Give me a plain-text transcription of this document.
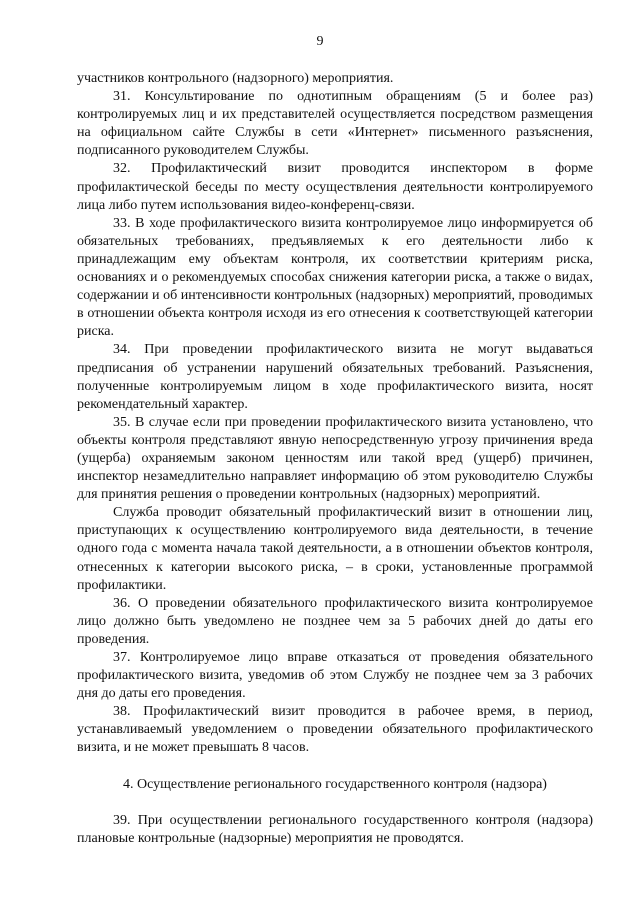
9

участников контрольного (надзорного) мероприятия.

31. Консультирование по однотипным обращениям (5 и более раз) контролируемых лиц и их представителей осуществляется посредством размещения на официальном сайте Службы в сети «Интернет» письменного разъяснения, подписанного руководителем Службы.

32. Профилактический визит проводится инспектором в форме профилактической беседы по месту осуществления деятельности контролируемого лица либо путем использования видео-конференц-связи.

33. В ходе профилактического визита контролируемое лицо информируется об обязательных требованиях, предъявляемых к его деятельности либо к принадлежащим ему объектам контроля, их соответствии критериям риска, основаниях и о рекомендуемых способах снижения категории риска, а также о видах, содержании и об интенсивности контрольных (надзорных) мероприятий, проводимых в отношении объекта контроля исходя из его отнесения к соответствующей категории риска.

34. При проведении профилактического визита не могут выдаваться предписания об устранении нарушений обязательных требований. Разъяснения, полученные контролируемым лицом в ходе профилактического визита, носят рекомендательный характер.

35. В случае если при проведении профилактического визита установлено, что объекты контроля представляют явную непосредственную угрозу причинения вреда (ущерба) охраняемым законом ценностям или такой вред (ущерб) причинен, инспектор незамедлительно направляет информацию об этом руководителю Службы для принятия решения о проведении контрольных (надзорных) мероприятий.

Служба проводит обязательный профилактический визит в отношении лиц, приступающих к осуществлению контролируемого вида деятельности, в течение одного года с момента начала такой деятельности, а в отношении объектов контроля, отнесенных к категории высокого риска, – в сроки, установленные программой профилактики.

36. О проведении обязательного профилактического визита контролируемое лицо должно быть уведомлено не позднее чем за 5 рабочих дней до даты его проведения.

37. Контролируемое лицо вправе отказаться от проведения обязательного профилактического визита, уведомив об этом Службу не позднее чем за 3 рабочих дня до даты его проведения.

38. Профилактический визит проводится в рабочее время, в период, устанавливаемый уведомлением о проведении обязательного профилактического визита, и не может превышать 8 часов.

4. Осуществление регионального государственного контроля (надзора)

39. При осуществлении регионального государственного контроля (надзора) плановые контрольные (надзорные) мероприятия не проводятся.
